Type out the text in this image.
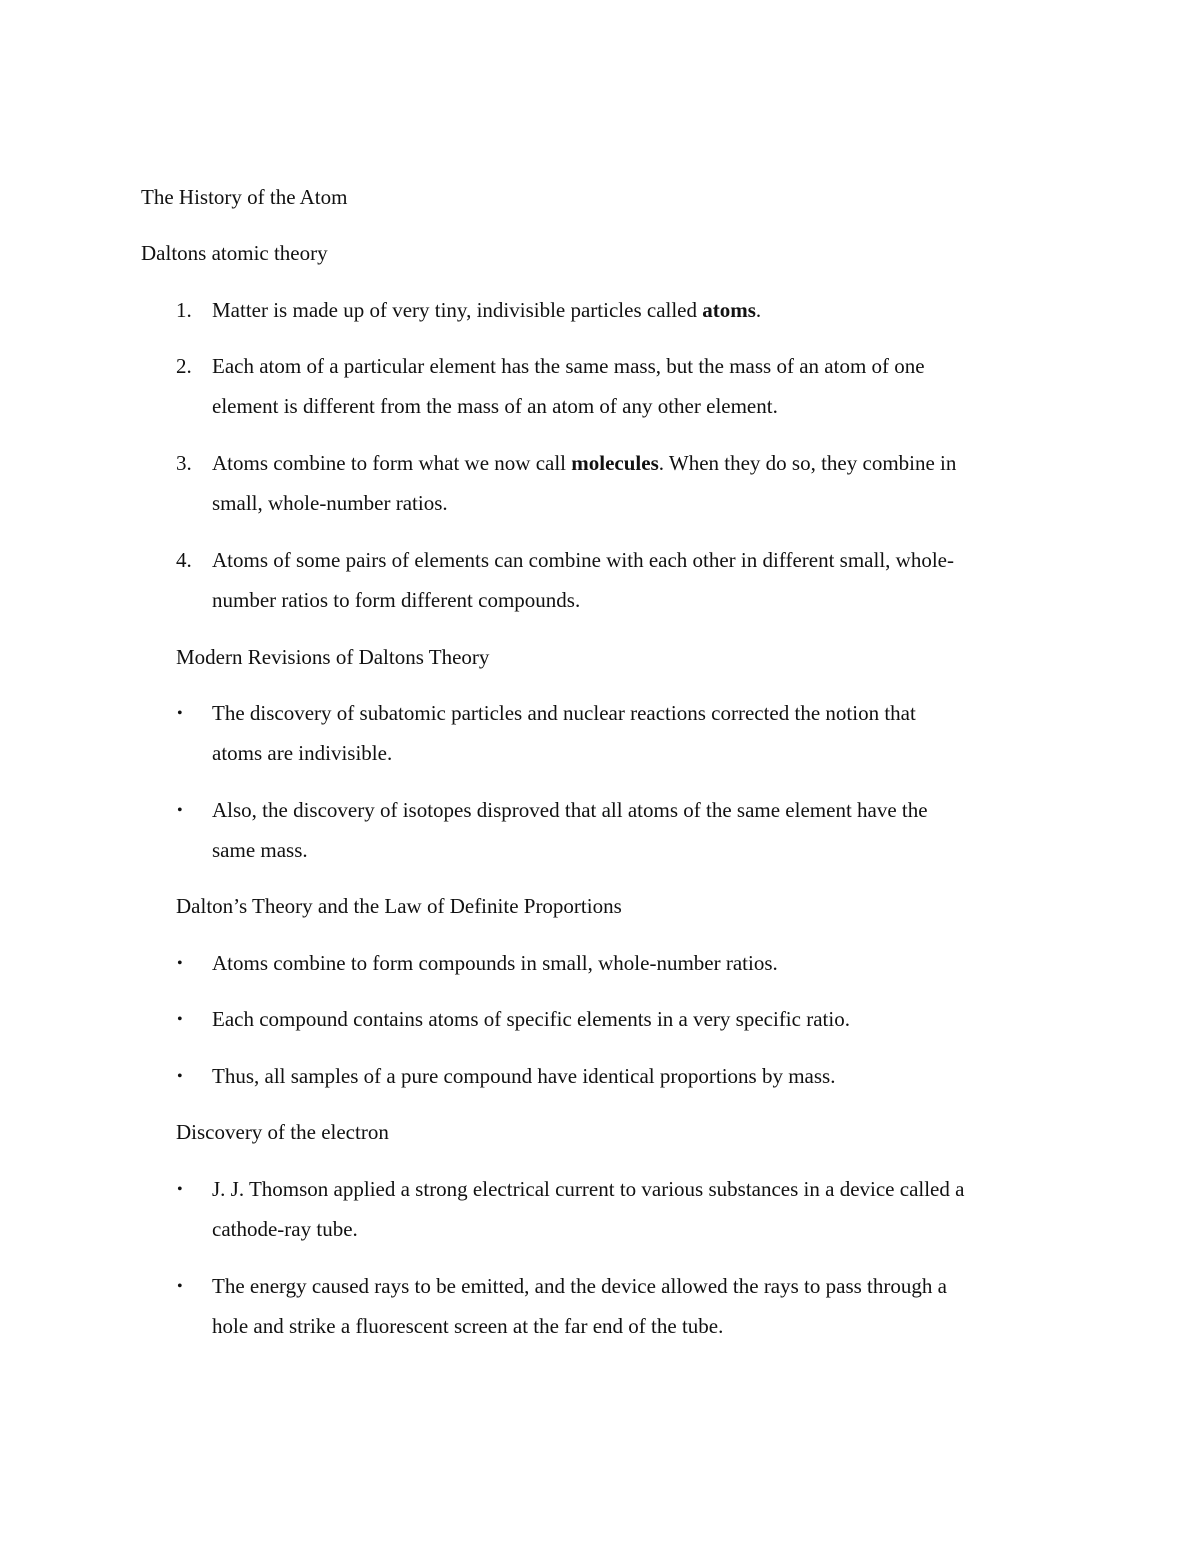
The History of the Atom
Daltons atomic theory
1. Matter is made up of very tiny, indivisible particles called atoms.
2. Each atom of a particular element has the same mass, but the mass of an atom of one
element is different from the mass of an atom of any other element.
3. Atoms combine to form what we now call molecules. When they do so, they combine in
small, whole-number ratios.
4. Atoms of some pairs of elements can combine with each other in different small, whole-
number ratios to form different compounds.
Modern Revisions of Daltons Theory
• The discovery of subatomic particles and nuclear reactions corrected the notion that
atoms are indivisible.
• Also, the discovery of isotopes disproved that all atoms of the same element have the
same mass.
Dalton’s Theory and the Law of Definite Proportions
• Atoms combine to form compounds in small, whole-number ratios.
• Each compound contains atoms of specific elements in a very specific ratio.
• Thus, all samples of a pure compound have identical proportions by mass.
Discovery of the electron
• J. J. Thomson applied a strong electrical current to various substances in a device called a
cathode-ray tube.
• The energy caused rays to be emitted, and the device allowed the rays to pass through a
hole and strike a fluorescent screen at the far end of the tube.
